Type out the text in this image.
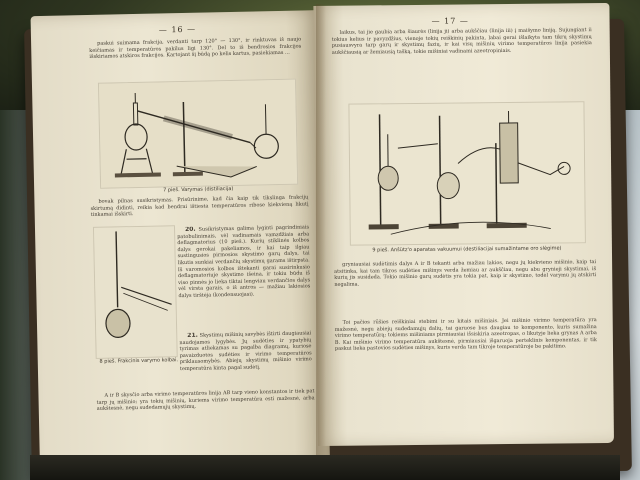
— 16 —

paskui suimama frakcija, verdanti tarp 120° — 130°, ir rinktuvas iš naujo keičiamas ir temperatūros pakilus ligi 130°. Del to iš bendrosios frakcijos išskiriamos atskiros frakcijos. Kartojant šį būdą po kelis kartus, pasiekiamas ...

7 pieš. Varymas (distiliacija)

bovak pilnas susikristymas. Prisūrinime, kad čia kaip tik tikslinga frakcijų skirtumą didinti, reikia kad bendrai ištiesta temperatūros ribose kiekvieną likutį tinkamai išskirti.

20. Susikristymas galima lyginti pagrindiniais patobulinimais, vėl vadinamais vamzdžiais arba deflagmatorius (10 pieš.). Kurių stiklinės kolbos dalys gerokai pakeliamos, ir kai taip ilgiau sustingusios pirmosios skystimo garų dalys, tai likutis sunkiai verdančių skystimų garams ištirpsta. Iš varomosios kolbos ištekanti garai susirinkusio deflagmatoriuje skystimo išeina, ir tokiu būdu iš viso pinnės jo lieka tiktai lengviau verdančios dalys vėl virsta garais, o iš antros — mažiau lakiosios dalys tirštėja (kondensuojasi).

8 pieš. Frakcinis varymo kolbai.

21. Skystimų mišinių savybės ištirti daugiausiai naudojamos lygybės. Jų sudėties ir ypatybių tyrimas atliekamas su pagalba diagramų, kuriose pavaizduotos sudėties ir virimo temperatūros priklausomybės. Abiejų skystimų mišinio virimo temperatūra kinta pagal sudėtį.

A ir B skysčio arba virimo temperatūros linija AB tarp vieno konstantos ir tiek pat tarp jų mišinio; yra tokių mišinių, kuriems virimo temperatūra esti mažesnė, arba aukštesnė, negu sudedamųjų skystimų.

— 17 —

laikus, tai jie gaubia arba šiaurės (linija ji) arba aukščiau (linija iii) į maišymo liniją. Sujungiant ii tokius kelius ir pavyzdžius, vienoje tokių reiškinių pakinta, labai gerai išlaikyta tam tikrų skystimų pusiausvyra tarp garų ir skystimų fazių, ir kai visų mišinių virimo temperatūros linija pasiekia aukščiausią ar žemiausią tašką, tokie mišiniai vadinami azeotropiniais.

9 pieš. Anšütz'o aparatas vakuumui (destiliacijai sumažintame oro slėgime)

gryniausiai sudėtimis dalys A ir B tekanti arba mažiau lakios, negu jų kiekvieno mišinio, kaip tai atsitinka, kai tam tikros sudėties mišinys verda žemiau ar aukščiau, negu abu grynieji skystimai, iš kurių jis susideda. Tokio mišinio garų sudėtis yra tokia pat, kaip ir skystimo, todėl varymu jų atskirti negalima.

Toi pačios rūšies reiškiniai stebimi ir su kitais mišiniais. Jei mišinio virimo temperatūra yra mažesnė, negu abiejų sudedamųjų dalių, tai garuose bus daugiau to komponento, kuris sumažina virimo temperatūrą; tokiems mišiniams pirmiausiai išsiskiria azeotropas, o likutyje lieka grynas A arba B. Kai mišinio virimo temperatūra aukštesnė, pirmiausiai išgaruoja perteklinis komponentas, ir tik paskui lieka pastovios sudėties mišinys, kuris verda tam tikroje temperatūroje be pakitimo.
